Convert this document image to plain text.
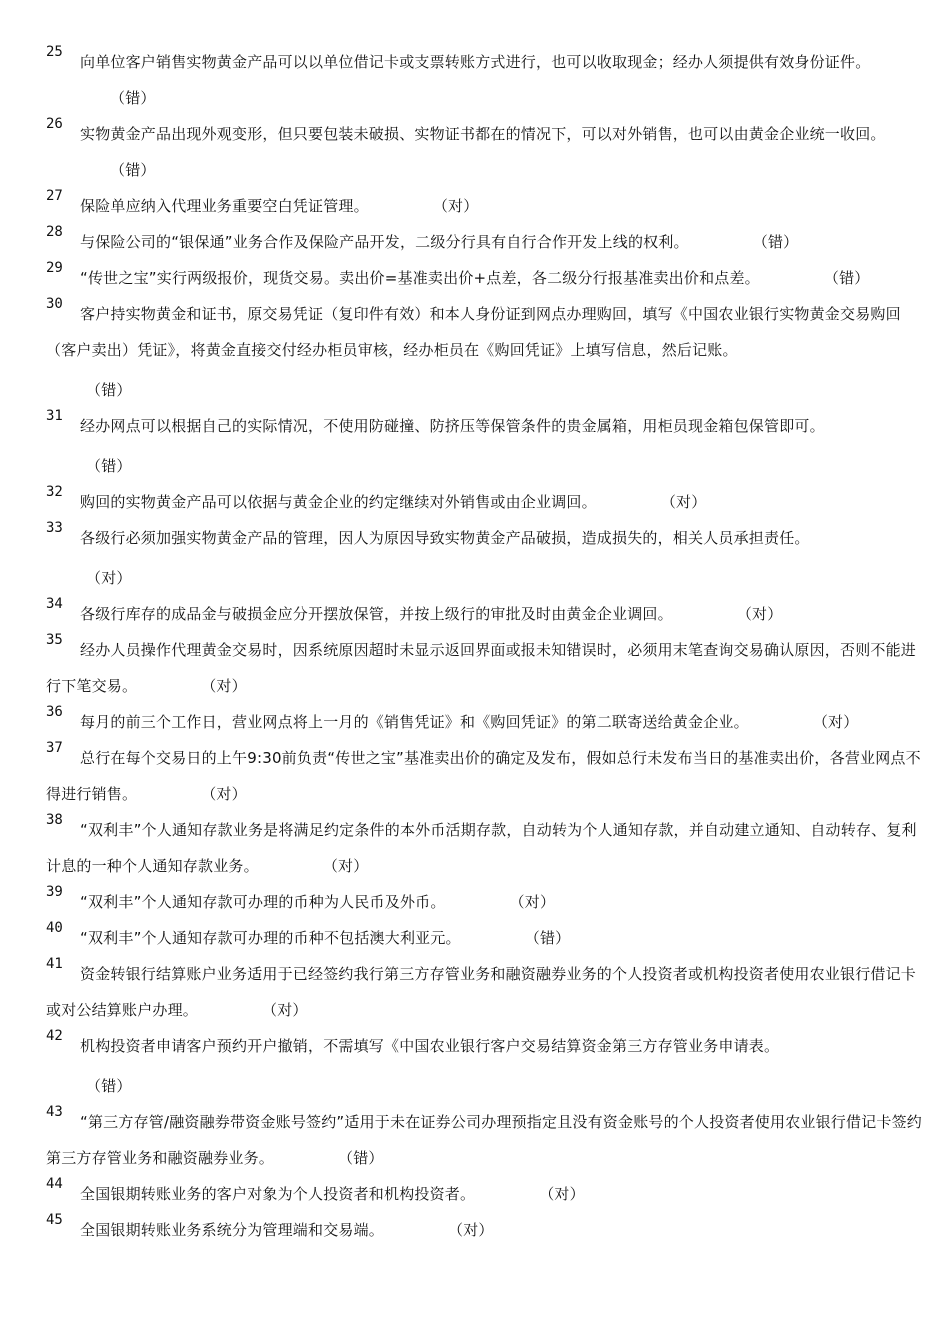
25
向单位客户销售实物黄金产品可以以单位借记卡或支票转账方式进行，也可以收取现金；经办人须提供有效身份证件。（错）
26
实物黄金产品出现外观变形，但只要包装未破损、实物证书都在的情况下，可以对外销售，也可以由黄金企业统一收回。（错）
27
保险单应纳入代理业务重要空白凭证管理。	（对）
28
与保险公司的“银保通”业务合作及保险产品开发，二级分行具有自行合作开发上线的权利。	（错）
29
“传世之宝”实行两级报价，现货交易。卖出价=基准卖出价+点差，各二级分行报基准卖出价和点差。	（错）
30
客户持实物黄金和证书，原交易凭证（复印件有效）和本人身份证到网点办理购回，填写《中国农业银行实物黄金交易购回（客户卖出）凭证》，将黄金直接交付经办柜员审核，经办柜员在《购回凭证》上填写信息，然后记账。
（错）
31
经办网点可以根据自己的实际情况，不使用防碰撞、防挤压等保管条件的贵金属箱，用柜员现金箱包保管即可。
（错）
32
购回的实物黄金产品可以依据与黄金企业的约定继续对外销售或由企业调回。	（对）
33
各级行必须加强实物黄金产品的管理，因人为原因导致实物黄金产品破损，造成损失的，相关人员承担责任。
（对）
34
各级行库存的成品金与破损金应分开摆放保管，并按上级行的审批及时由黄金企业调回。	（对）
35
经办人员操作代理黄金交易时，因系统原因超时未显示返回界面或报未知错误时，必须用末笔查询交易确认原因，否则不能进行下笔交易。	（对）
36
每月的前三个工作日，营业网点将上一月的《销售凭证》和《购回凭证》的第二联寄送给黄金企业。	（对）
37
总行在每个交易日的上午9:30前负责“传世之宝”基准卖出价的确定及发布，假如总行未发布当日的基准卖出价，各营业网点不得进行销售。	（对）
38
“双利丰”个人通知存款业务是将满足约定条件的本外币活期存款，自动转为个人通知存款，并自动建立通知、自动转存、复利计息的一种个人通知存款业务。	（对）
39
“双利丰”个人通知存款可办理的币种为人民币及外币。	（对）
40
“双利丰”个人通知存款可办理的币种不包括澳大利亚元。	（错）
41
资金转银行结算账户业务适用于已经签约我行第三方存管业务和融资融券业务的个人投资者或机构投资者使用农业银行借记卡或对公结算账户办理。	（对）
42
机构投资者申请客户预约开户撤销，不需填写《中国农业银行客户交易结算资金第三方存管业务申请表。
（错）
43
“第三方存管/融资融券带资金账号签约”适用于未在证券公司办理预指定且没有资金账号的个人投资者使用农业银行借记卡签约第三方存管业务和融资融券业务。	（错）
44
全国银期转账业务的客户对象为个人投资者和机构投资者。	（对）
45
全国银期转账业务系统分为管理端和交易端。	（对）
